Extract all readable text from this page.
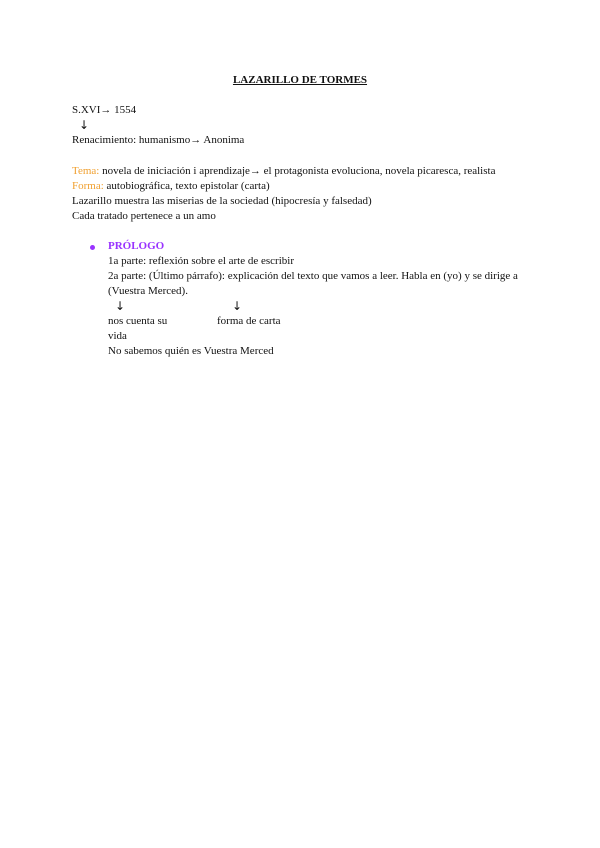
LAZARILLO DE TORMES
S.XVI→ 1554
↓
Renacimiento: humanismo→ Anonima
Tema: novela de iniciación i aprendizaje→ el protagonista evoluciona, novela picaresca, realista
Forma: autobiográfica, texto epistolar (carta)
Lazarillo muestra las miserias de la sociedad (hipocresía y falsedad)
Cada tratado pertenece a un amo
PRÓLOGO
1a parte: reflexión sobre el arte de escribir
2a parte: (Último párrafo): explicación del texto que vamos a leer. Habla en (yo) y se dirige a
(Vuestra Merced).
↓	↓
nos cuenta su	forma de carta
vida
No sabemos quién es Vuestra Merced
